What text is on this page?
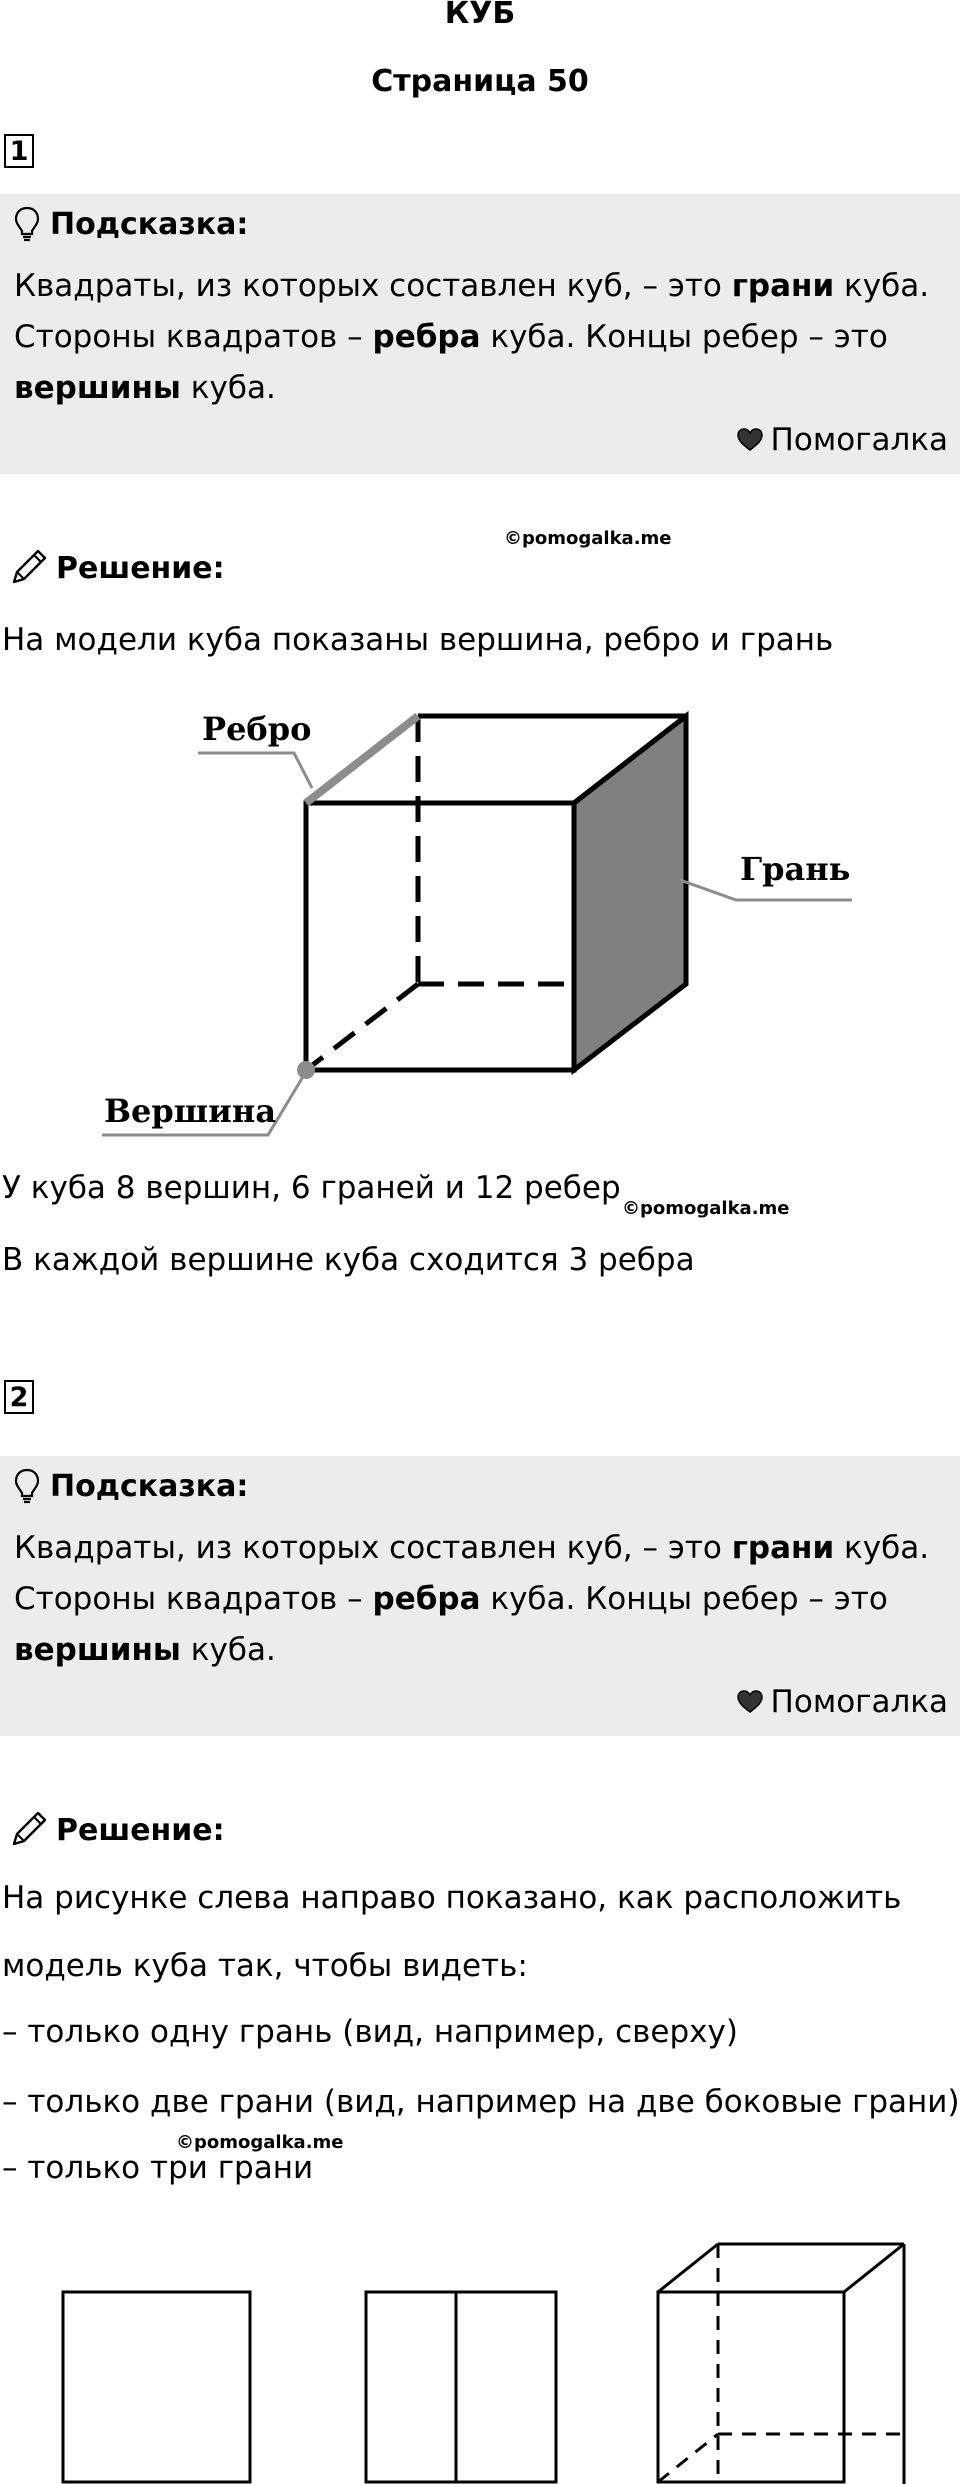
КУБ
Страница 50
1
Подсказка:
Квадраты, из которых составлен куб, – это грани куба.
Стороны квадратов – ребра куба. Концы ребер – это
вершины куба.
Помогалка
©pomogalka.me
Решение:
На модели куба показаны вершина, ребро и грань
Ребро
Грань
Вершина
У куба 8 вершин, 6 граней и 12 ребер
©pomogalka.me
В каждой вершине куба сходится 3 ребра
2
Подсказка:
Квадраты, из которых составлен куб, – это грани куба.
Стороны квадратов – ребра куба. Концы ребер – это
вершины куба.
Помогалка
Решение:
На рисунке слева направо показано, как расположить
модель куба так, чтобы видеть:
– только одну грань (вид, например, сверху)
– только две грани (вид, например на две боковые грани)
©pomogalka.me
– только три грани
